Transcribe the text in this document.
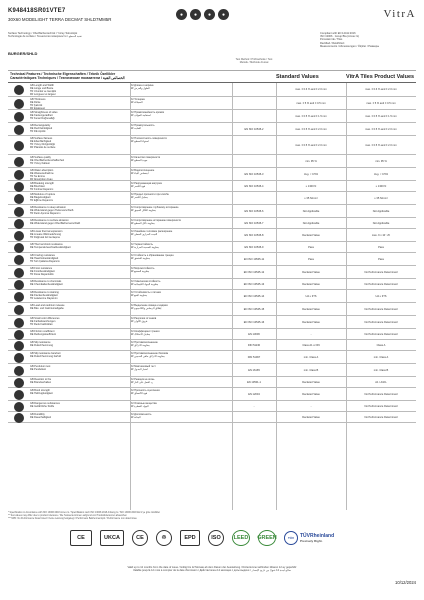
K948418SR01VTE7
30X60 MODELIGHT TERRA DECMAT SHLD7MM5R
Surface Technology / Oberflächentechnik / Yüzey Teknolojisi
Technologie de surface / Технология поверхности / تقنية السطح
●	●	●	●	VitrA
Compliant with EN 14411:2016
ISO 13006 · Group BIa (Annex G)
Porcelain tile / Tiles
Rectified / Rektifiziert
Measurements / Abmessungen / Ölçüler / Размеры
BURGER/SHLD
Test Method / Prüfmethode / Test Metodu / Méthode d'essai
Technical Features / Technische Eigenschaften / Teknik Özellikler
Caractéristiques Techniques / Технические показатели / الخصائص الفنية	Standard Values	VitrA Tiles Product Values
GB Length and Width
DE Länge und Breite
TR Uzunluk ve Genişlik
FR Longueur et largeur
RU Длина и ширина
AR الطول والعرض
max. ± 0.6 % and ± 2.0 mm	max. ± 0.6 % and ± 2.0 mm
GB Thickness
DE Dicke
TR Kalınlık
FR Épaisseur
RU Толщина
AR السماكة	max. ± 5 % and ± 0.5 mm	max. ± 5 % and ± 0.5 mm
GB Straightness of sides
DE Kantengeradheit
TR Kenar Doğrusallığı
RU Прямолинейность кромок
AR استقامة الحواف	max. ± 0.5 % and ± 1.5 mm	max. ± 0.5 % and ± 1.5 mm
GB Rectangularity
DE Rechtwinkligkeit
TR Dik Açılılık
RU Прямоугольность
AR التعامد	EN ISO 10545-2	max. ± 0.5 % and ± 2.0 mm	max. ± 0.5 % and ± 2.0 mm
GB Surface flatness
DE Ebenflächigkeit
TR Yüzey Düzgünlüğü
FR Planéité de surface
RU Плоскостность поверхности
AR استواء السطح
max. ± 0.5 % and ± 2.0 mm	max. ± 0.5 % and ± 2.0 mm
GB Surface quality
DE Oberflächenbeschaffenheit
TR Yüzey Kalitesi
RU Качество поверхности
AR جودة السطح	min. 95 %	min. 95 %
GB Water absorption
DE Wasseraufnahme
TR Su Emme
FR Absorption d'eau
RU Водопоглощение
AR امتصاص الماء	EN ISO 10545-3	Avg. < 0.5%	Avg. < 0.5%
GB Breaking strength
DE Bruchlast
TR Kırılma Dayanımı
RU Разрушающая нагрузка
AR قوة الكسر	EN ISO 10545-4	≥ 1300 N	≥ 1300 N
GB Modulus of rupture
DE Biegefestigkeit
TR Eğilme Dayanımı
RU Предел прочности при изгибе
AR معامل الكسر	≥ 35 N/mm²	≥ 35 N/mm²
GB Resistance to deep abrasion
DE Widerstand gegen Tiefenverschleiß
TR Derin Aşınma Dayanımı
RU Сопротивление глубокому истиранию
AR مقاومة التآكل العميق	EN ISO 10545-6	Not Applicable	Not Applicable
GB Resistance to surface abrasion
DE Widerstand gegen Oberflächenverschleiß
RU Сопротивление истиранию поверхности
AR مقاومة تآكل السطح	EN ISO 10545-7	Not Applicable	Not Applicable
GB Linear thermal expansion
DE Lineare Wärmedehnung
TR Doğrusal Isıl Genleşme
RU Линейное тепловое расширение
AR التمدد الحراري الخطي	EN ISO 10545-8	Declared Value	max. 9 x 10⁻⁶/K
GB Thermal shock resistance
DE Temperaturwechselbeständigkeit
RU Термостойкость
AR مقاومة الصدمة الحرارية	EN ISO 10545-9	Pass	Pass
GB Crazing resistance
DE Haarrissbeständigkeit
TR Sırlı Çatlama Dayanımı
RU Стойкость к образованию трещин
AR مقاومة التشقق	EN ISO 10545-11	Pass	Pass
GB Frost resistance
DE Frostbeständigkeit
TR Dona Dayanıklılık
RU Морозостойкость
AR مقاومة الصقيع	EN ISO 10545-12	Declared Value	No Performance Determined
GB Resistance to chemicals
DE Chemikalienbeständigkeit
RU Химическая стойкость
AR مقاومة المواد الكيميائية	EN ISO 10545-13	Declared Value	No Performance Determined
GB Resistance to staining
DE Fleckenbeständigkeit
TR Lekelenme Dayanımı
RU Устойчивость к пятнам
AR مقاومة البقع	EN ISO 10545-14	UA ≥ 3TS	UA ≥ 3TS
GB Lead and cadmium release
DE Blei- und Cadmiumabgabe
RU Выделение свинца и кадмия
AR إطلاق الرصاص والكادميوم	EN ISO 10545-15	Declared Value	No Performance Determined
GB Small color differences
DE Farbabweichungen
TR Renk Farklılıkları
RU Различия оттенков
AR فروق الألوان	EN ISO 10545-16	Declared Value	No Performance Determined
GB Friction coefficient
DE Reibungskoeffizient
RU Коэффициент трения
AR معامل الاحتكاك	EN 13006	-	No Performance Determined
GB Slip resistance
DE Rutschhemmung
RU Противоскольжение
AR مقاومة الانزلاق	DIN 51130	Class A1 or R9	Class A
GB Slip resistance barefoot
DE Rutschhemmung barfuß
RU Противоскольжение босиком
AR مقاومة الانزلاق حافي القدمين	DIN 51097	min. Class A	min. Class A
GB Pendulum test
DE Pendeltest
RU Маятниковый тест
AR اختبار البندول	EN 16165	min. Class B	min. Class B
GB Reaction to fire
DE Brandverhalten
RU Реакция на огонь
AR رد الفعل على النار	EN 13501-1	Declared Value	A1 / A1FL
GB Bond strength
DE Haftzugfestigkeit
RU Прочность сцепления
AR قوة الالتصاق	EN 12004	Declared Value	No Performance Determined
GB Dangerous substances
DE Gefährliche Stoffe
RU Опасные вещества
AR المواد الخطرة	-	-	No Performance Determined
GB Durability
DE Dauerhaftigkeit
RU Долговечность
AR المتانة	Declared Value	No Performance Determined
* Specification in Accordance with ISO 13006:2018 Annex G / Spezifikation nach ISO 13006:2018 Anhang G / ISO 13006:2018 Ek G'ye göre özellikler
** Test values may differ due to product tolerance / Die Testwerte können aufgrund von Produkttoleranzen abweichen
*** NPD: No Performance Determined / Keine Leistung festgelegt / Performans Belirlenmemiştir / Performance non déterminée
CE	UKCA	CE	♲	EPD	ISO	LEED	GREEN	TÜV	TÜVRheinland
Precisely Right.
Valid up to 12 months from the date of issue / Gültig bis 12 Monate ab dem Datum der Ausstellung / Düzenlenme tarihinden itibaren 12 ay geçerlidir
Valable jusqu'à 12 mois à compter de la date d'émission / Действителен 12 месяцев с даты выдачи / صالح لمدة 12 شهرًا من تاريخ الإصدار
10/12/2024
